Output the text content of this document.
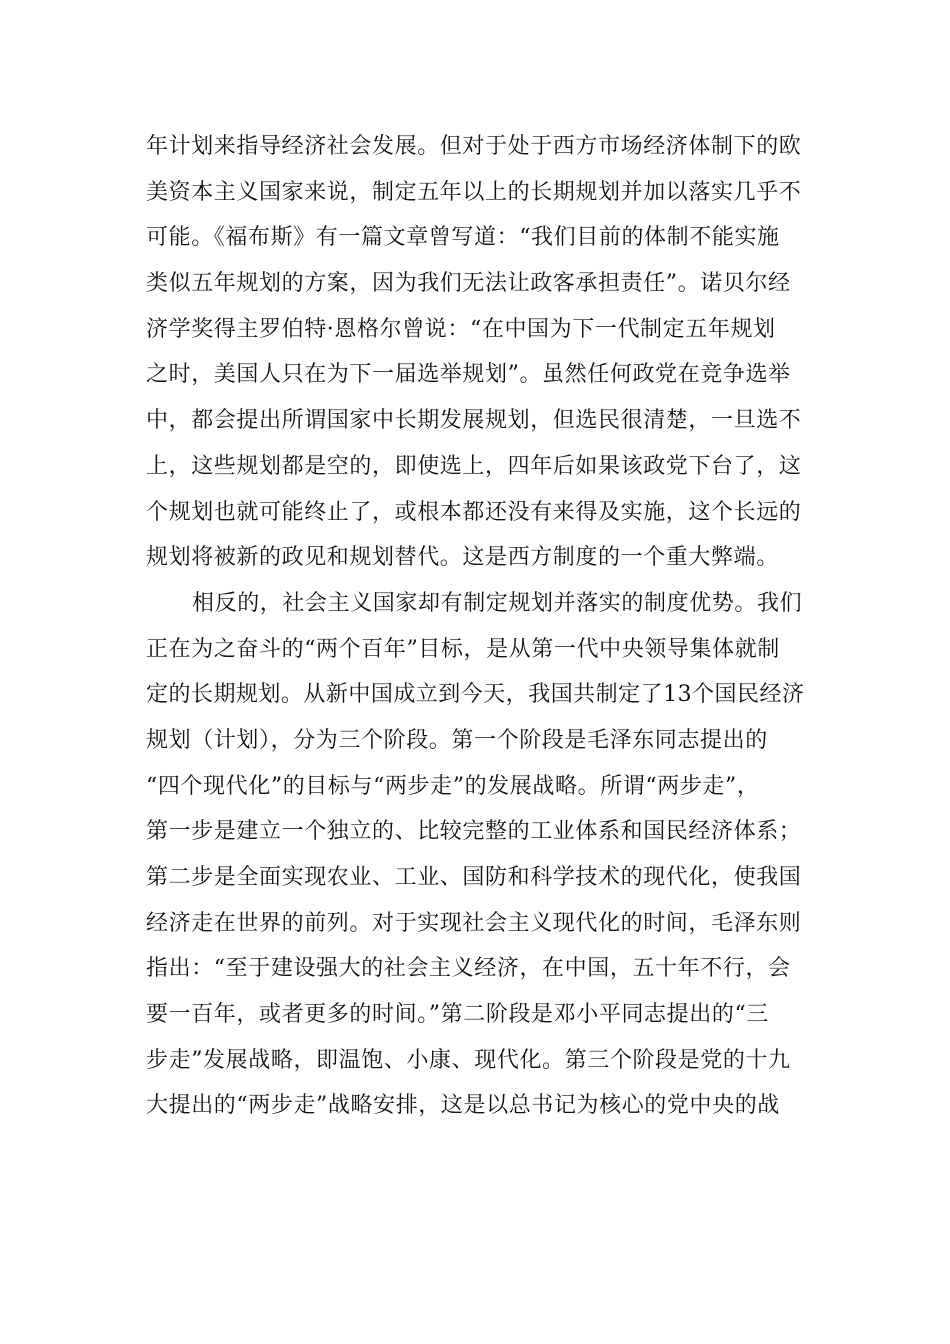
年计划来指导经济社会发展。但对于处于西方市场经济体制下的欧
美资本主义国家来说，制定五年以上的长期规划并加以落实几乎不
可能。《福布斯》有一篇文章曾写道：“我们目前的体制不能实施
类似五年规划的方案，因为我们无法让政客承担责任”。诺贝尔经
济学奖得主罗伯特·恩格尔曾说：“在中国为下一代制定五年规划
之时，美国人只在为下一届选举规划”。虽然任何政党在竞争选举
中，都会提出所谓国家中长期发展规划，但选民很清楚，一旦选不
上，这些规划都是空的，即使选上，四年后如果该政党下台了，这
个规划也就可能终止了，或根本都还没有来得及实施，这个长远的
规划将被新的政见和规划替代。这是西方制度的一个重大弊端。
相反的，社会主义国家却有制定规划并落实的制度优势。我们
正在为之奋斗的“两个百年”目标，是从第一代中央领导集体就制
定的长期规划。从新中国成立到今天，我国共制定了13个国民经济
规划（计划），分为三个阶段。第一个阶段是毛泽东同志提出的
“四个现代化”的目标与“两步走”的发展战略。所谓“两步走”，
第一步是建立一个独立的、比较完整的工业体系和国民经济体系；
第二步是全面实现农业、工业、国防和科学技术的现代化，使我国
经济走在世界的前列。对于实现社会主义现代化的时间，毛泽东则
指出：“至于建设强大的社会主义经济，在中国，五十年不行，会
要一百年，或者更多的时间。”第二阶段是邓小平同志提出的“三
步走”发展战略，即温饱、小康、现代化。第三个阶段是党的十九
大提出的“两步走”战略安排，这是以总书记为核心的党中央的战
